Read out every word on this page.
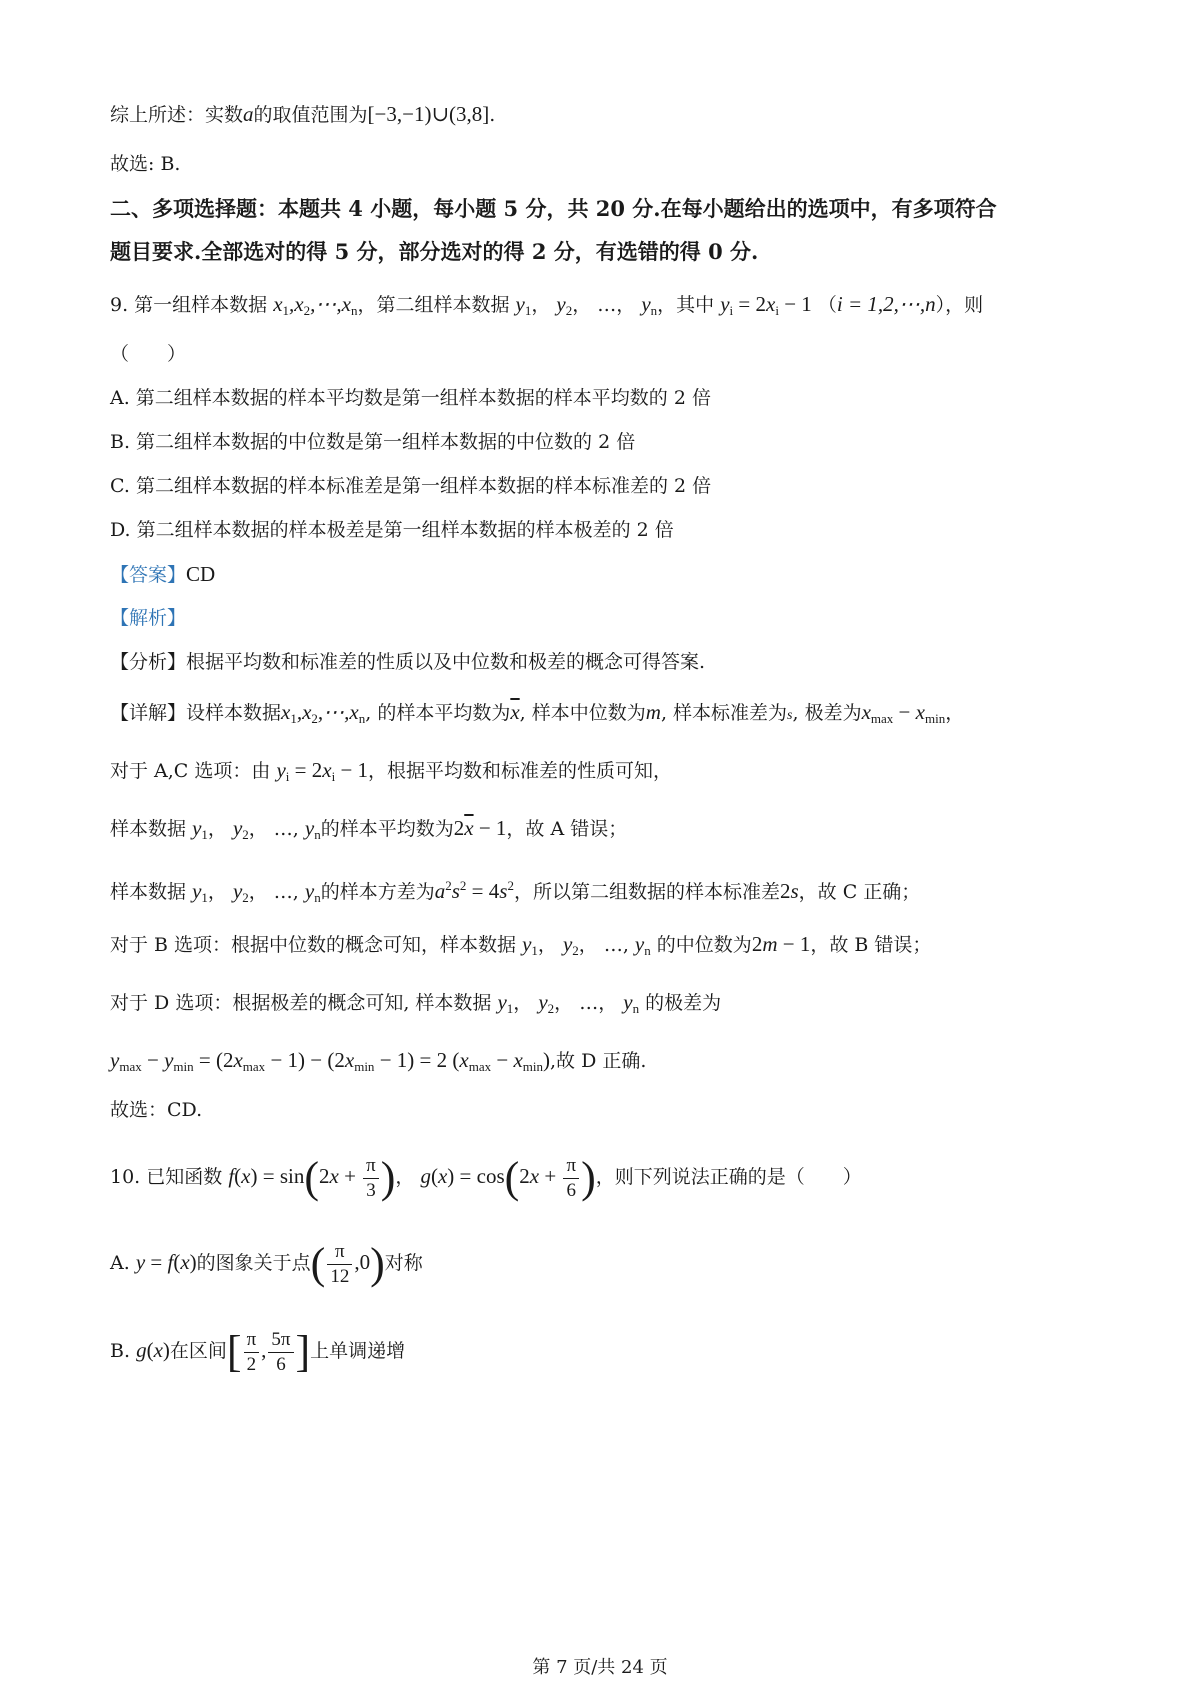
综上所述：实数a的取值范围为[−3,−1)∪(3,8].
故选: B.
二、多项选择题：本题共 4 小题，每小题 5 分，共 20 分.在每小题给出的选项中，有多项符合
题目要求.全部选对的得 5 分，部分选对的得 2 分，有选错的得 0 分.
9. 第一组样本数据 $x_1,x_2,\cdots,x_n$，第二组样本数据 $y_1$， $y_2$， …， $y_n$，其中 $y_i = 2x_i - 1$ （i = 1,2,⋯,n），则
（　　）
A. 第二组样本数据的样本平均数是第一组样本数据的样本平均数的 2 倍
B. 第二组样本数据的中位数是第一组样本数据的中位数的 2 倍
C. 第二组样本数据的样本标准差是第一组样本数据的样本标准差的 2 倍
D. 第二组样本数据的样本极差是第一组样本数据的样本极差的 2 倍
【答案】CD
【解析】
【分析】根据平均数和标准差的性质以及中位数和极差的概念可得答案.
【详解】设样本数据$x_1,x_2,\cdots,x_n$, 的样本平均数为$\overline{x}$, 样本中位数为m, 样本标准差为s, 极差为$x_{max} - x_{min}$，
对于 A,C 选项：由 $y_i = 2x_i - 1$，根据平均数和标准差的性质可知，
样本数据 $y_1$， $y_2$， …, $y_n$的样本平均数为$2\overline{x} - 1$，故 A 错误；
样本数据 $y_1$， $y_2$， …, $y_n$的样本方差为$a^2s^2 = 4s^2$，所以第二组数据的样本标准差2s，故 C 正确；
对于 B 选项：根据中位数的概念可知，样本数据 $y_1$， $y_2$， …, $y_n$ 的中位数为2m − 1，故 B 错误；
对于 D 选项：根据极差的概念可知, 样本数据 $y_1$， $y_2$， …， $y_n$ 的极差为
$y_{max} - y_{min} = (2x_{max} - 1) - (2x_{min} - 1) = 2$ $(x_{max} - x_{min})$,故 D 正确.
故选：CD.
10. 已知函数 $f(x) = \sin(2x + \frac{\pi}{3}$ )， $g(x) = \cos(2x + \frac{\pi}{6}$ )，则下列说法正确的是（　　）
A. y = f(x)的图象关于点( $\frac{\pi}{12} ,0$)对称
B. g(x)在区间[ $\frac{\pi}{2}$ , $\frac{5\pi}{6}$ ]上单调递增
第 7 页/共 24 页
